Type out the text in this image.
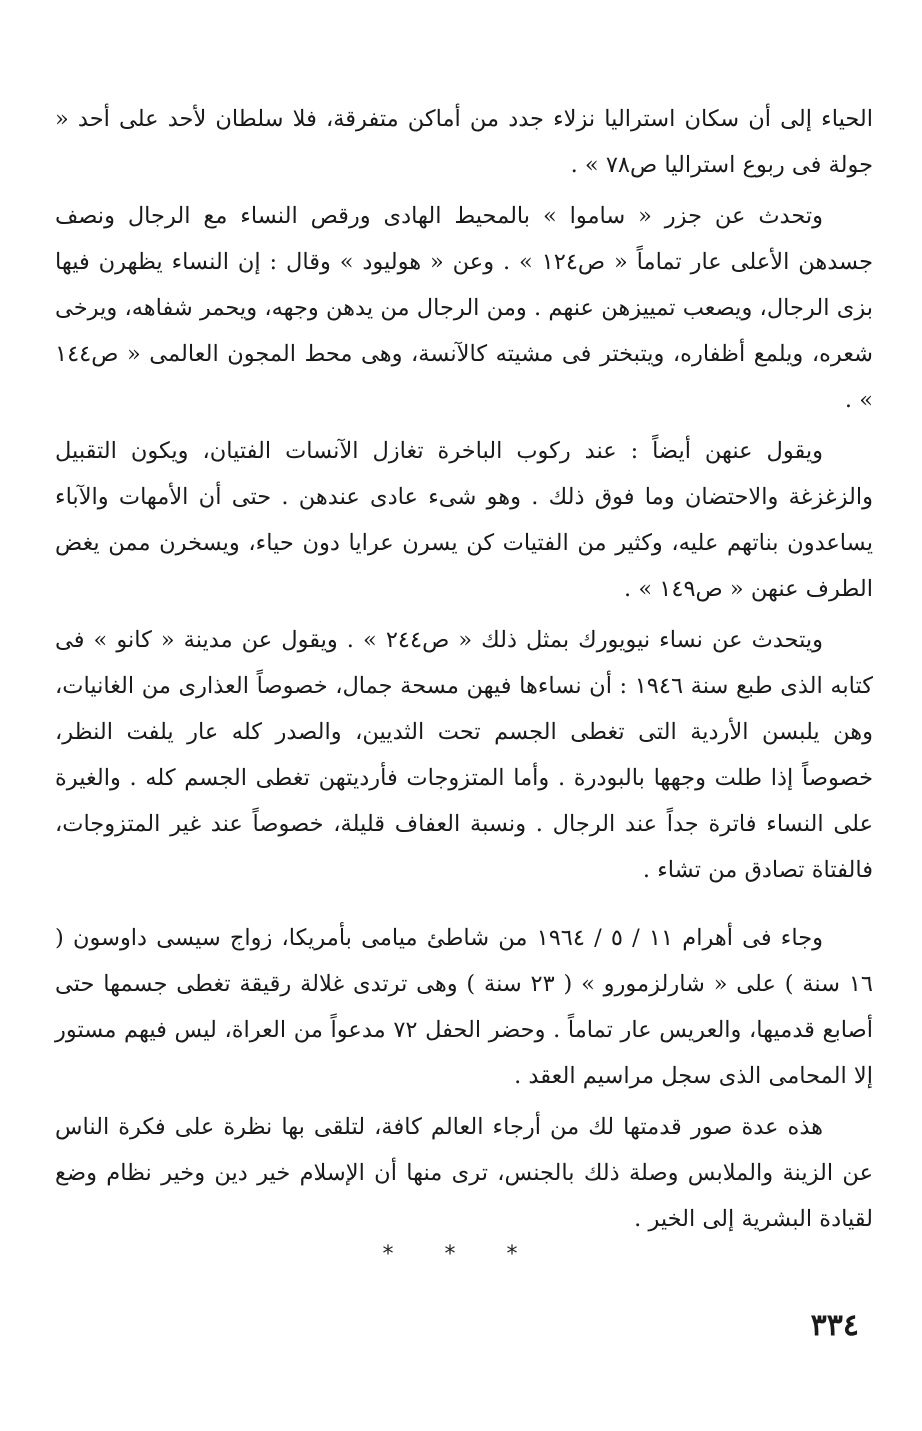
الحياء إلى أن سكان استراليا نزلاء جدد من أماكن متفرقة، فلا سلطان لأحد على أحد « جولة فى ربوع استراليا ص٧٨ » .

وتحدث عن جزر « ساموا » بالمحيط الهادى ورقص النساء مع الرجال ونصف جسدهن الأعلى عار تماماً « ص١٢٤ » . وعن « هوليود » وقال : إن النساء يظهرن فيها بزى الرجال، ويصعب تمييزهن عنهم . ومن الرجال من يدهن وجهه، ويحمر شفاهه، ويرخى شعره، ويلمع أظفاره، ويتبختر فى مشيته كالآنسة، وهى محط المجون العالمى « ص١٤٤ » .

ويقول عنهن أيضاً : عند ركوب الباخرة تغازل الآنسات الفتيان، ويكون التقبيل والزغزغة والاحتضان وما فوق ذلك . وهو شىء عادى عندهن . حتى أن الأمهات والآباء يساعدون بناتهم عليه، وكثير من الفتيات كن يسرن عرايا دون حياء، ويسخرن ممن يغض الطرف عنهن « ص١٤٩ » .

ويتحدث عن نساء نيويورك بمثل ذلك « ص٢٤٤ » . ويقول عن مدينة « كانو » فى كتابه الذى طبع سنة ١٩٤٦ : أن نساءها فيهن مسحة جمال، خصوصاً العذارى من الغانيات، وهن يلبسن الأردية التى تغطى الجسم تحت الثديين، والصدر كله عار يلفت النظر، خصوصاً إذا طلت وجهها بالبودرة . وأما المتزوجات فأرديتهن تغطى الجسم كله . والغيرة على النساء فاترة جداً عند الرجال . ونسبة العفاف قليلة، خصوصاً عند غير المتزوجات، فالفتاة تصادق من تشاء .

وجاء فى أهرام ١١ / ٥ / ١٩٦٤ من شاطئ ميامى بأمريكا، زواج سيسى داوسون ( ١٦ سنة ) على « شارلزمورو » ( ٢٣ سنة ) وهى ترتدى غلالة رقيقة تغطى جسمها حتى أصابع قدميها، والعريس عار تماماً . وحضر الحفل ٧٢ مدعواً من العراة، ليس فيهم مستور إلا المحامى الذى سجل مراسيم العقد .

هذه عدة صور قدمتها لك من أرجاء العالم كافة، لتلقى بها نظرة على فكرة الناس عن الزينة والملابس وصلة ذلك بالجنس، ترى منها أن الإسلام خير دين وخير نظام وضع لقيادة البشرية إلى الخير .

* * *
٣٣٤
